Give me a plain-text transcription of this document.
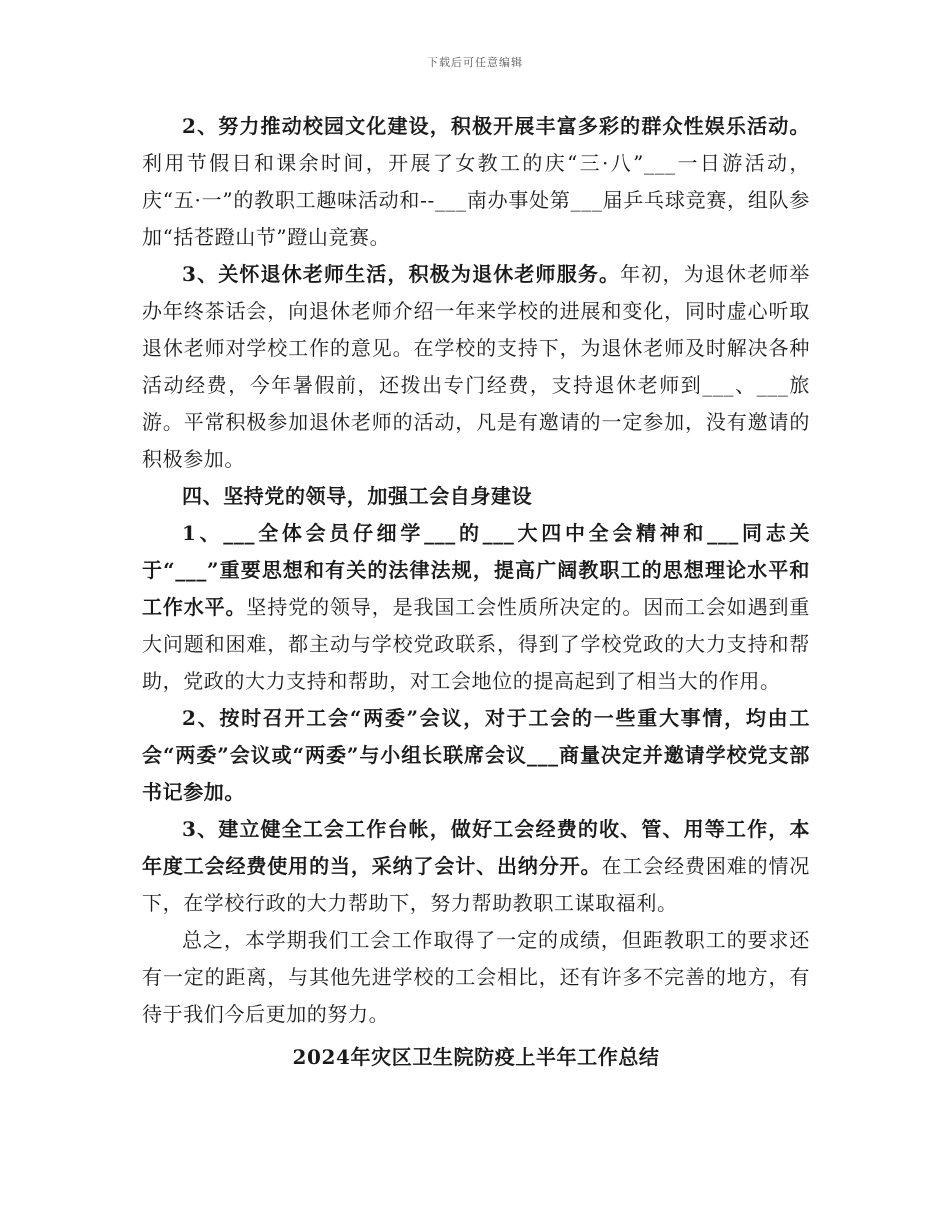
下载后可任意编辑

2、努力推动校园文化建设，积极开展丰富多彩的群众性娱乐活动。利用节假日和课余时间，开展了女教工的庆“三·八”___一日游活动，庆“五·一”的教职工趣味活动和--___南办事处第___届乒乓球竞赛，组队参加“括苍蹬山节”蹬山竞赛。

3、关怀退休老师生活，积极为退休老师服务。年初，为退休老师举办年终茶话会，向退休老师介绍一年来学校的进展和变化，同时虚心听取退休老师对学校工作的意见。在学校的支持下，为退休老师及时解决各种活动经费，今年暑假前，还拨出专门经费，支持退休老师到___、___旅游。平常积极参加退休老师的活动，凡是有邀请的一定参加，没有邀请的积极参加。

四、坚持党的领导，加强工会自身建设

1、___全体会员仔细学___的___大四中全会精神和___同志关于“___”重要思想和有关的法律法规，提高广阔教职工的思想理论水平和工作水平。坚持党的领导，是我国工会性质所决定的。因而工会如遇到重大问题和困难，都主动与学校党政联系，得到了学校党政的大力支持和帮助，党政的大力支持和帮助，对工会地位的提高起到了相当大的作用。

2、按时召开工会“两委”会议，对于工会的一些重大事情，均由工会“两委”会议或“两委”与小组长联席会议___商量决定并邀请学校党支部书记参加。

3、建立健全工会工作台帐，做好工会经费的收、管、用等工作，本年度工会经费使用的当，采纳了会计、出纳分开。在工会经费困难的情况下，在学校行政的大力帮助下，努力帮助教职工谋取福利。

总之，本学期我们工会工作取得了一定的成绩，但距教职工的要求还有一定的距离，与其他先进学校的工会相比，还有许多不完善的地方，有待于我们今后更加的努力。

2024年灾区卫生院防疫上半年工作总结
